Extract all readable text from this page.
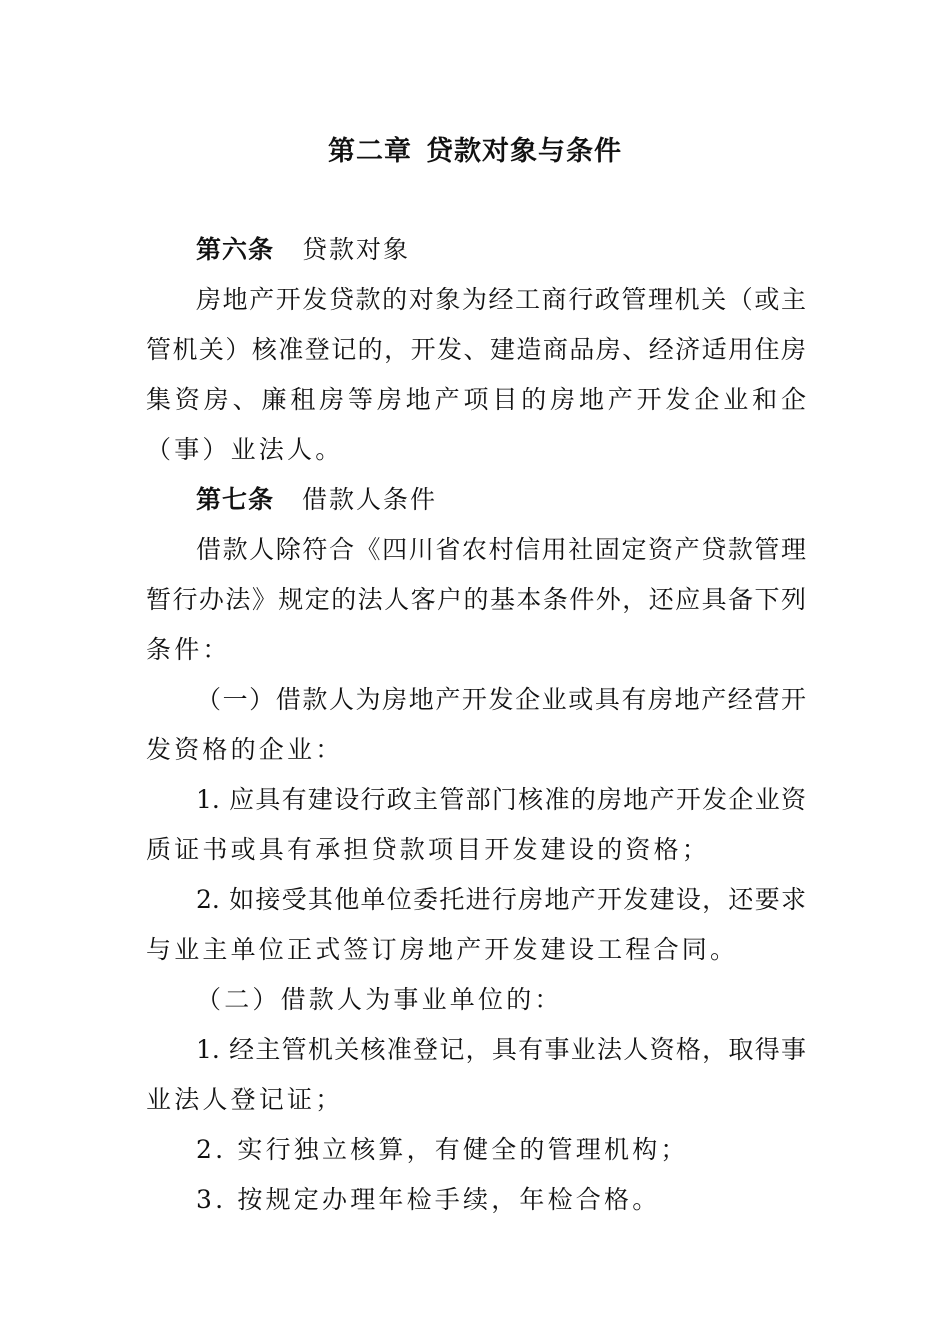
第二章 贷款对象与条件
第六条 贷款对象
房地产开发贷款的对象为经工商行政管理机关（或主
管机关）核准登记的，开发、建造商品房、经济适用住房
集资房、廉租房等房地产项目的房地产开发企业和企
（事）业法人。
第七条 借款人条件
借款人除符合《四川省农村信用社固定资产贷款管理
暂行办法》规定的法人客户的基本条件外，还应具备下列
条件：
（一）借款人为房地产开发企业或具有房地产经营开
发资格的企业：
1. 应具有建设行政主管部门核准的房地产开发企业资
质证书或具有承担贷款项目开发建设的资格；
2. 如接受其他单位委托进行房地产开发建设，还要求
与业主单位正式签订房地产开发建设工程合同。
（二）借款人为事业单位的：
1. 经主管机关核准登记，具有事业法人资格，取得事
业法人登记证；
2. 实行独立核算，有健全的管理机构；
3. 按规定办理年检手续，年检合格。
